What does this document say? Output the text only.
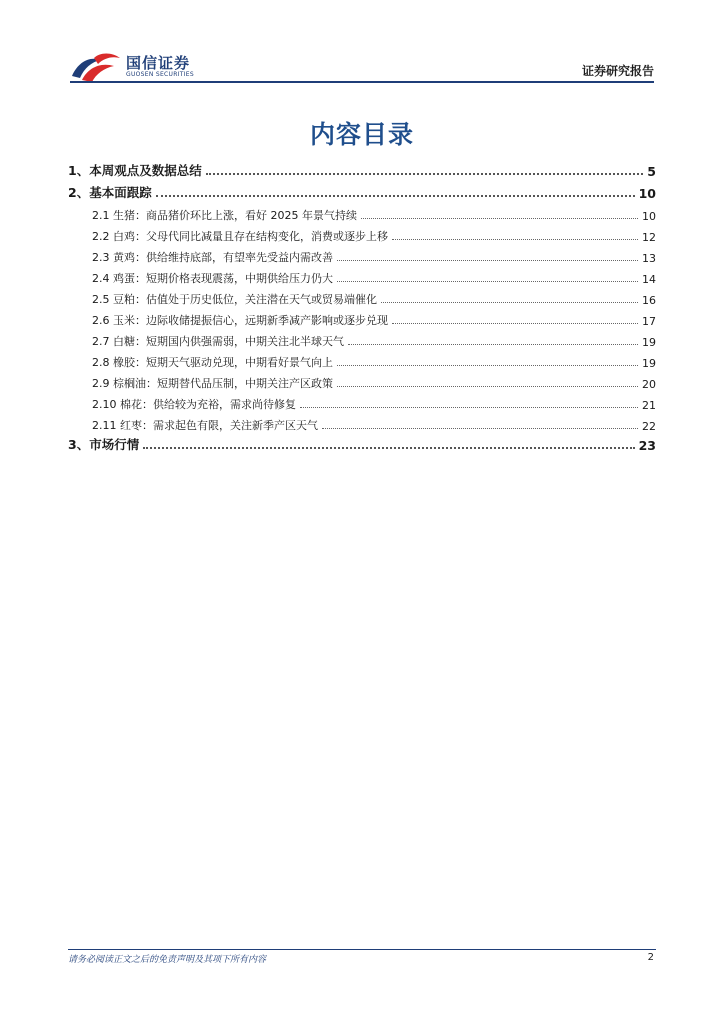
国信证券
GUOSEN SECURITIES	证券研究报告
内容目录
1、本周观点及数据总结	5
2、基本面跟踪	10
2.1 生猪：商品猪价环比上涨，看好 2025 年景气持续	10
2.2 白鸡：父母代同比减量且存在结构变化，消费或逐步上移	12
2.3 黄鸡：供给维持底部，有望率先受益内需改善	13
2.4 鸡蛋：短期价格表现震荡，中期供给压力仍大	14
2.5 豆粕：估值处于历史低位，关注潜在天气或贸易端催化	16
2.6 玉米：边际收储提振信心，远期新季减产影响或逐步兑现	17
2.7 白糖：短期国内供强需弱，中期关注北半球天气	19
2.8 橡胶：短期天气驱动兑现，中期看好景气向上	19
2.9 棕榈油：短期替代品压制，中期关注产区政策	20
2.10 棉花：供给较为充裕，需求尚待修复	21
2.11 红枣：需求起色有限，关注新季产区天气	22
3、市场行情	23
请务必阅读正文之后的免责声明及其项下所有内容	2
